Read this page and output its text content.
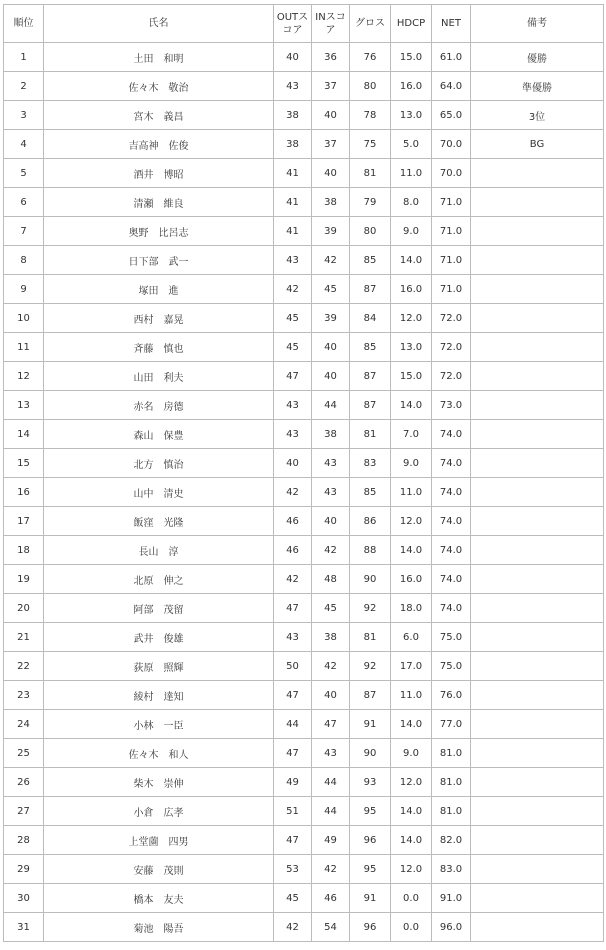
順位	氏名	OUTスコア	INスコア	グロス	HDCP	NET	備考
1	土田　和明	40	36	76	15.0	61.0	優勝
2	佐々木　敬治	43	37	80	16.0	64.0	準優勝
3	宮木　義昌	38	40	78	13.0	65.0	3位
4	吉高神　佐俊	38	37	75	5.0	70.0	BG
5	酒井　博昭	41	40	81	11.0	70.0	
6	清瀬　維良	41	38	79	8.0	71.0	
7	奥野　比呂志	41	39	80	9.0	71.0	
8	日下部　武一	43	42	85	14.0	71.0	
9	塚田　進	42	45	87	16.0	71.0	
10	西村　嘉晃	45	39	84	12.0	72.0	
11	斉藤　慎也	45	40	85	13.0	72.0	
12	山田　利夫	47	40	87	15.0	72.0	
13	赤名　房德	43	44	87	14.0	73.0	
14	森山　保豊	43	38	81	7.0	74.0	
15	北方　慎治	40	43	83	9.0	74.0	
16	山中　清史	42	43	85	11.0	74.0	
17	飯窪　光隆	46	40	86	12.0	74.0	
18	長山　淳	46	42	88	14.0	74.0	
19	北原　伸之	42	48	90	16.0	74.0	
20	阿部　茂留	47	45	92	18.0	74.0	
21	武井　俊雄	43	38	81	6.0	75.0	
22	荻原　照輝	50	42	92	17.0	75.0	
23	綾村　達知	47	40	87	11.0	76.0	
24	小林　一臣	44	47	91	14.0	77.0	
25	佐々木　和人	47	43	90	9.0	81.0	
26	柴木　崇伸	49	44	93	12.0	81.0	
27	小倉　広孝	51	44	95	14.0	81.0	
28	上堂薗　四男	47	49	96	14.0	82.0	
29	安藤　茂則	53	42	95	12.0	83.0	
30	橋本　友夫	45	46	91	0.0	91.0	
31	菊池　陽吾	42	54	96	0.0	96.0	
